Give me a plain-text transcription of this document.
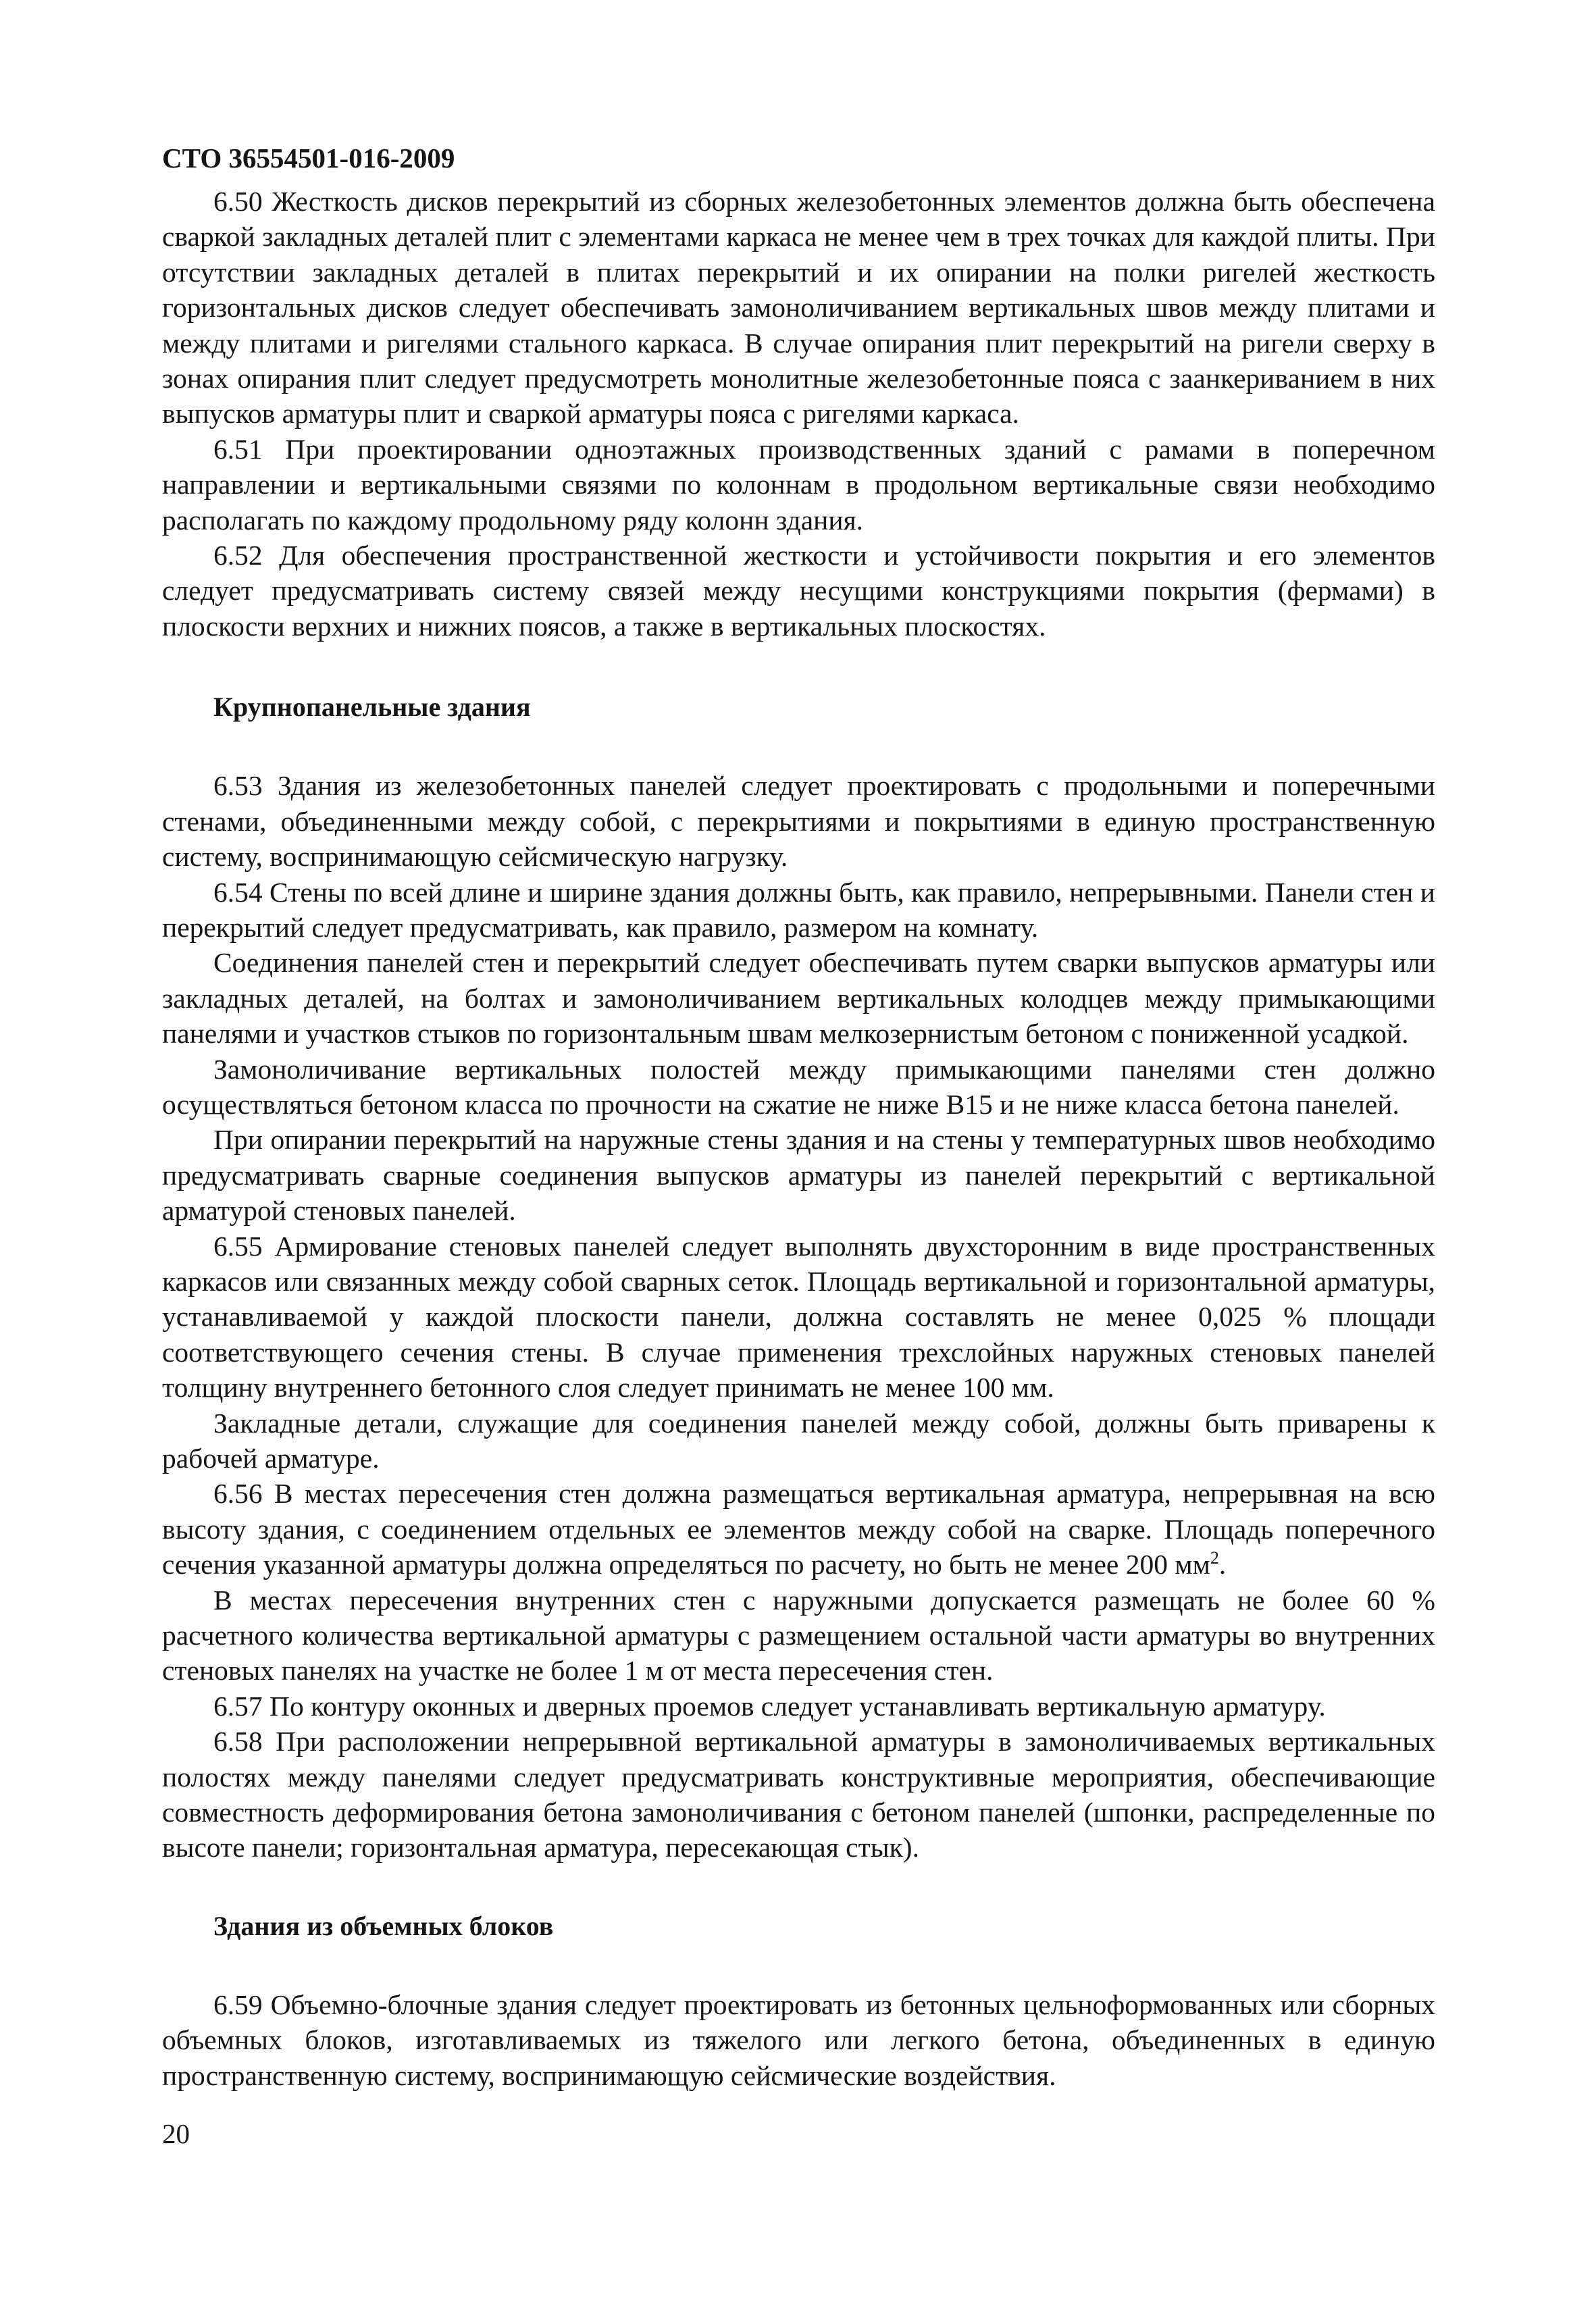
СТО 36554501-016-2009

6.50 Жесткость дисков перекрытий из сборных железобетонных элементов должна быть обеспечена сваркой закладных деталей плит с элементами каркаса не менее чем в трех точках для каждой плиты. При отсутствии закладных деталей в плитах перекрытий и их опирании на полки ригелей жесткость горизонтальных дисков следует обеспечивать замоноличиванием вертикальных швов между плитами и между плитами и ригелями стального каркаса. В случае опирания плит перекрытий на ригели сверху в зонах опирания плит следует предусмотреть монолитные железобетонные пояса с заанкериванием в них выпусков арматуры плит и сваркой арматуры пояса с ригелями каркаса.

6.51 При проектировании одноэтажных производственных зданий с рамами в поперечном направлении и вертикальными связями по колоннам в продольном вертикальные связи необходимо располагать по каждому продольному ряду колонн здания.

6.52 Для обеспечения пространственной жесткости и устойчивости покрытия и его элементов следует предусматривать систему связей между несущими конструкциями покрытия (фермами) в плоскости верхних и нижних поясов, а также в вертикальных плоскостях.

Крупнопанельные здания

6.53 Здания из железобетонных панелей следует проектировать с продольными и поперечными стенами, объединенными между собой, с перекрытиями и покрытиями в единую пространственную систему, воспринимающую сейсмическую нагрузку.

6.54 Стены по всей длине и ширине здания должны быть, как правило, непрерывными. Панели стен и перекрытий следует предусматривать, как правило, размером на комнату.

Соединения панелей стен и перекрытий следует обеспечивать путем сварки выпусков арматуры или закладных деталей, на болтах и замоноличиванием вертикальных колодцев между примыкающими панелями и участков стыков по горизонтальным швам мелкозернистым бетоном с пониженной усадкой.

Замоноличивание вертикальных полостей между примыкающими панелями стен должно осуществляться бетоном класса по прочности на сжатие не ниже В15 и не ниже класса бетона панелей.

При опирании перекрытий на наружные стены здания и на стены у температурных швов необходимо предусматривать сварные соединения выпусков арматуры из панелей перекрытий с вертикальной арматурой стеновых панелей.

6.55 Армирование стеновых панелей следует выполнять двухсторонним в виде пространственных каркасов или связанных между собой сварных сеток. Площадь вертикальной и горизонтальной арматуры, устанавливаемой у каждой плоскости панели, должна составлять не менее 0,025 % площади соответствующего сечения стены. В случае применения трехслойных наружных стеновых панелей толщину внутреннего бетонного слоя следует принимать не менее 100 мм.

Закладные детали, служащие для соединения панелей между собой, должны быть приварены к рабочей арматуре.

6.56 В местах пересечения стен должна размещаться вертикальная арматура, непрерывная на всю высоту здания, с соединением отдельных ее элементов между собой на сварке. Площадь поперечного сечения указанной арматуры должна определяться по расчету, но быть не менее 200 $мм^2$.

В местах пересечения внутренних стен с наружными допускается размещать не более 60 % расчетного количества вертикальной арматуры с размещением остальной части арматуры во внутренних стеновых панелях на участке не более 1 м от места пересечения стен.

6.57 По контуру оконных и дверных проемов следует устанавливать вертикальную арматуру.

6.58 При расположении непрерывной вертикальной арматуры в замоноличиваемых вертикальных полостях между панелями следует предусматривать конструктивные мероприятия, обеспечивающие совместность деформирования бетона замоноличивания с бетоном панелей (шпонки, распределенные по высоте панели; горизонтальная арматура, пересекающая стык).

Здания из объемных блоков

6.59 Объемно-блочные здания следует проектировать из бетонных цельноформованных или сборных объемных блоков, изготавливаемых из тяжелого или легкого бетона, объединенных в единую пространственную систему, воспринимающую сейсмические воздействия.

20
